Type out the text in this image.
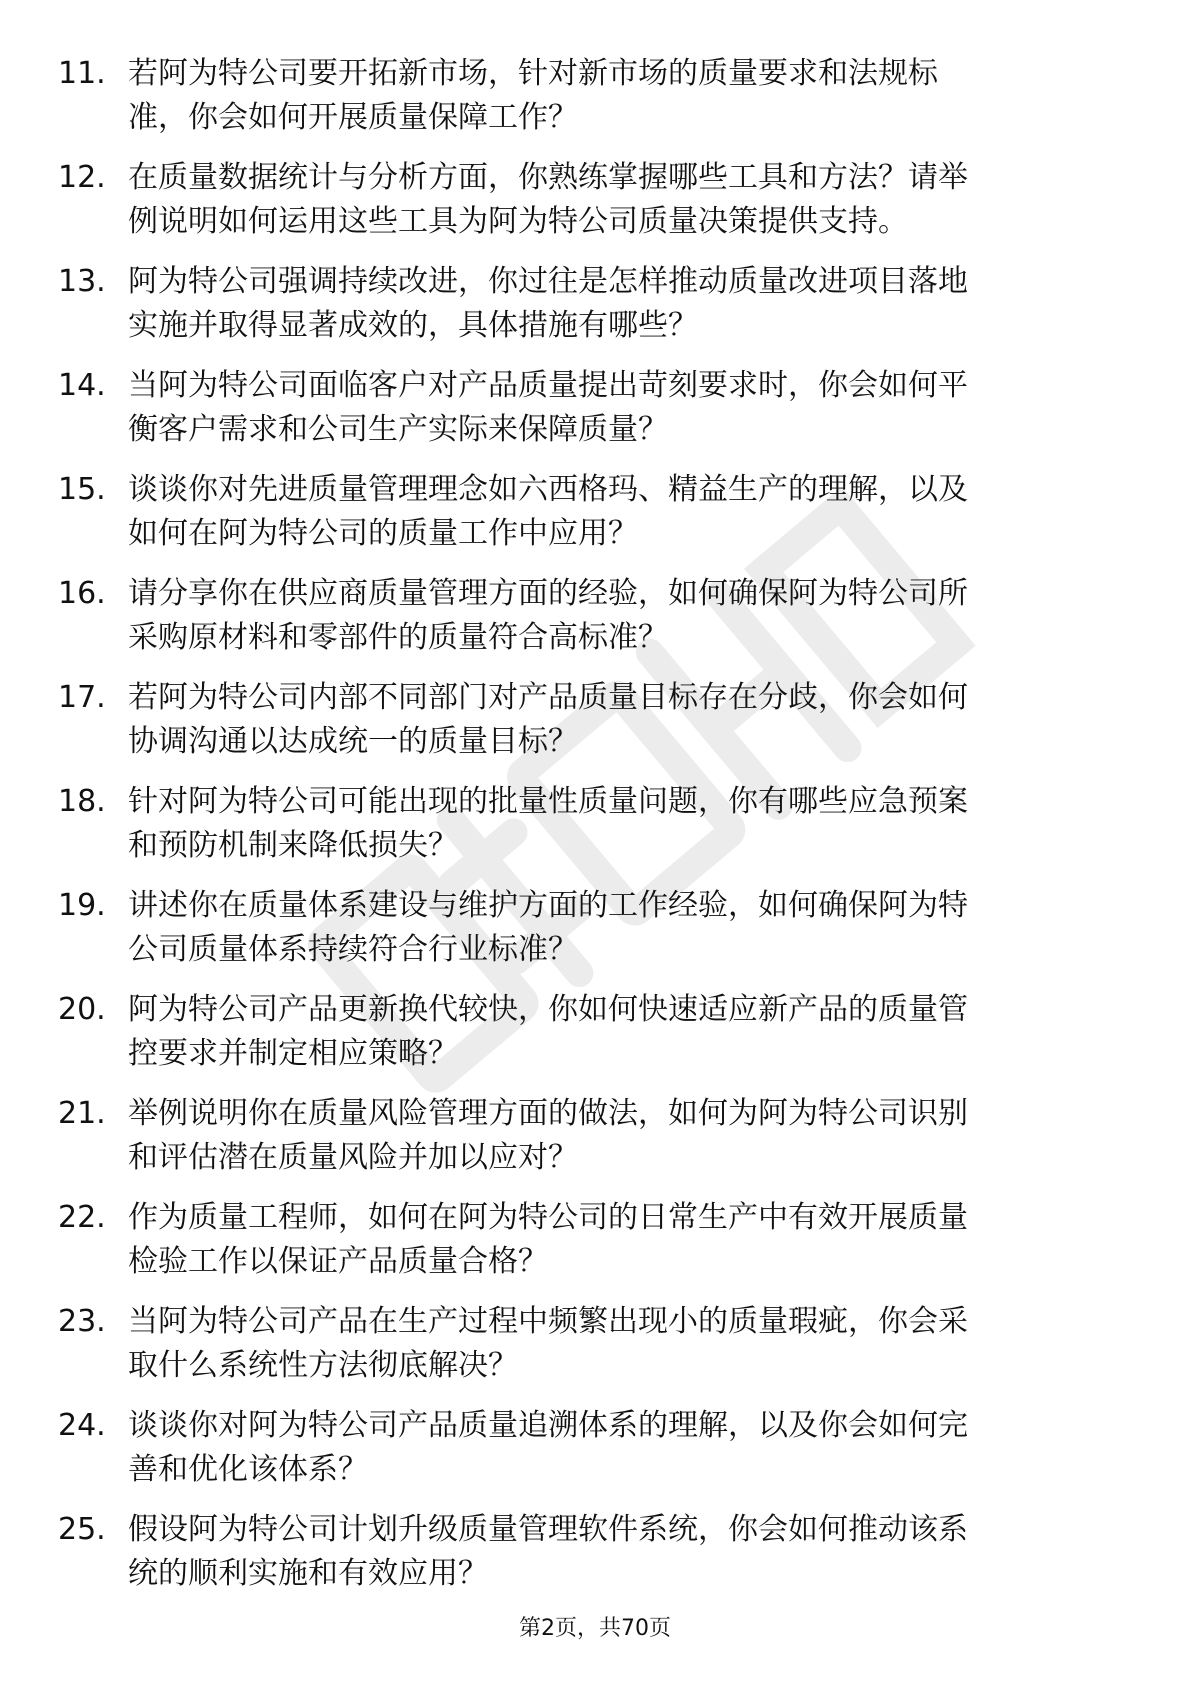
11. 若阿为特公司要开拓新市场，针对新市场的质量要求和法规标
准，你会如何开展质量保障工作？
12. 在质量数据统计与分析方面，你熟练掌握哪些工具和方法？请举
例说明如何运用这些工具为阿为特公司质量决策提供支持。
13. 阿为特公司强调持续改进，你过往是怎样推动质量改进项目落地
实施并取得显著成效的，具体措施有哪些？
14. 当阿为特公司面临客户对产品质量提出苛刻要求时，你会如何平
衡客户需求和公司生产实际来保障质量？
15. 谈谈你对先进质量管理理念如六西格玛、精益生产的理解，以及
如何在阿为特公司的质量工作中应用？
16. 请分享你在供应商质量管理方面的经验，如何确保阿为特公司所
采购原材料和零部件的质量符合高标准？
17. 若阿为特公司内部不同部门对产品质量目标存在分歧，你会如何
协调沟通以达成统一的质量目标？
18. 针对阿为特公司可能出现的批量性质量问题，你有哪些应急预案
和预防机制来降低损失？
19. 讲述你在质量体系建设与维护方面的工作经验，如何确保阿为特
公司质量体系持续符合行业标准？
20. 阿为特公司产品更新换代较快，你如何快速适应新产品的质量管
控要求并制定相应策略？
21. 举例说明你在质量风险管理方面的做法，如何为阿为特公司识别
和评估潜在质量风险并加以应对？
22. 作为质量工程师，如何在阿为特公司的日常生产中有效开展质量
检验工作以保证产品质量合格？
23. 当阿为特公司产品在生产过程中频繁出现小的质量瑕疵，你会采
取什么系统性方法彻底解决？
24. 谈谈你对阿为特公司产品质量追溯体系的理解，以及你会如何完
善和优化该体系？
25. 假设阿为特公司计划升级质量管理软件系统，你会如何推动该系
统的顺利实施和有效应用？
第2页，共70页
